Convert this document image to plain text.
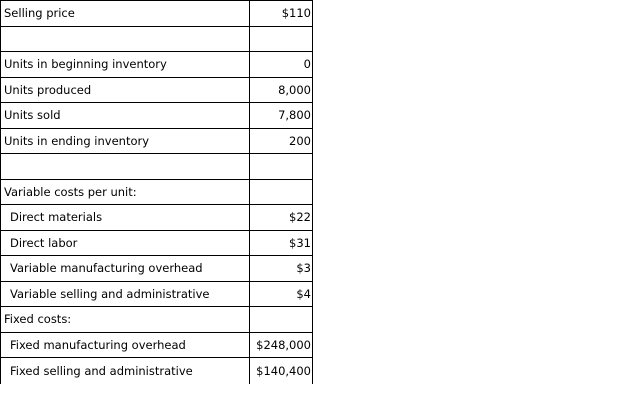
Selling price	$110
Units in beginning inventory	0
Units produced	8,000
Units sold	7,800
Units in ending inventory	200
Variable costs per unit:
Direct materials	$22
Direct labor	$31
Variable manufacturing overhead	$3
Variable selling and administrative	$4
Fixed costs:
Fixed manufacturing overhead	$248,000
Fixed selling and administrative	$140,400
